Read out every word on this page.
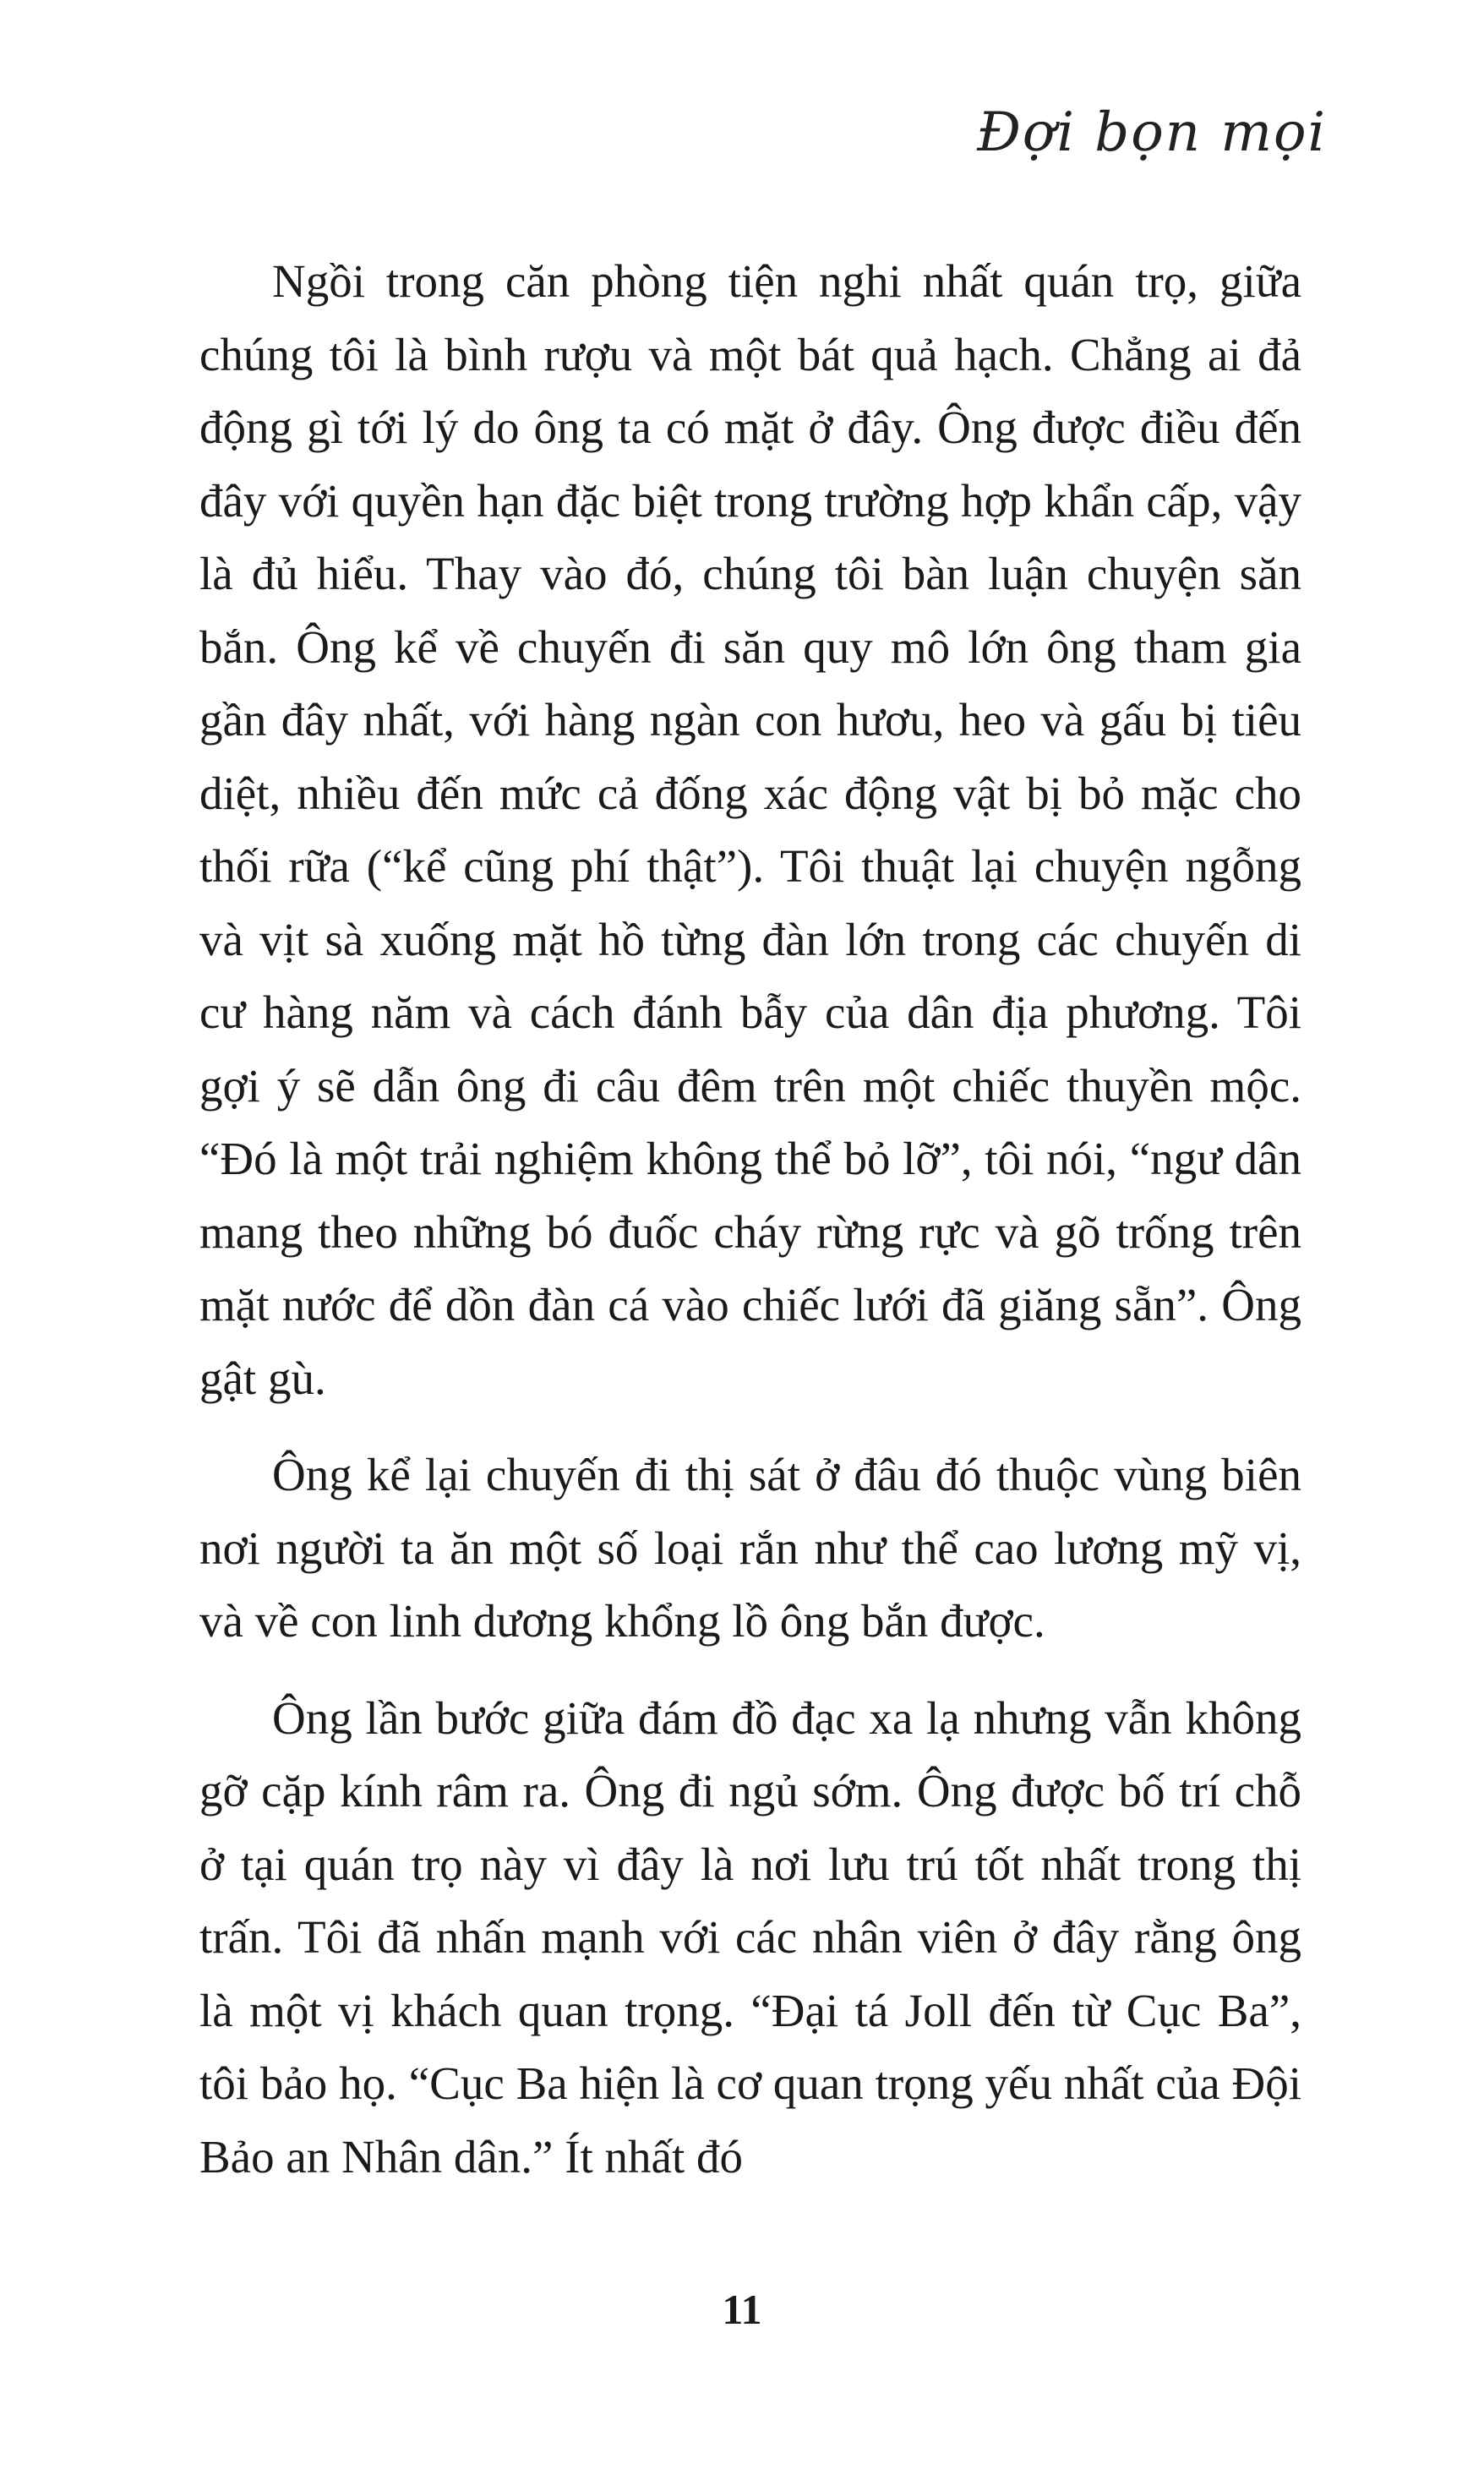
Đợi bọn mọi

Ngồi trong căn phòng tiện nghi nhất quán trọ, giữa chúng tôi là bình rượu và một bát quả hạch. Chẳng ai đả động gì tới lý do ông ta có mặt ở đây. Ông được điều đến đây với quyền hạn đặc biệt trong trường hợp khẩn cấp, vậy là đủ hiểu. Thay vào đó, chúng tôi bàn luận chuyện săn bắn. Ông kể về chuyến đi săn quy mô lớn ông tham gia gần đây nhất, với hàng ngàn con hươu, heo và gấu bị tiêu diệt, nhiều đến mức cả đống xác động vật bị bỏ mặc cho thối rữa (“kể cũng phí thật”). Tôi thuật lại chuyện ngỗng và vịt sà xuống mặt hồ từng đàn lớn trong các chuyến di cư hàng năm và cách đánh bẫy của dân địa phương. Tôi gợi ý sẽ dẫn ông đi câu đêm trên một chiếc thuyền mộc. “Đó là một trải nghiệm không thể bỏ lỡ”, tôi nói, “ngư dân mang theo những bó đuốc cháy rừng rực và gõ trống trên mặt nước để dồn đàn cá vào chiếc lưới đã giăng sẵn”. Ông gật gù.

Ông kể lại chuyến đi thị sát ở đâu đó thuộc vùng biên nơi người ta ăn một số loại rắn như thể cao lương mỹ vị, và về con linh dương khổng lồ ông bắn được.

Ông lần bước giữa đám đồ đạc xa lạ nhưng vẫn không gỡ cặp kính râm ra. Ông đi ngủ sớm. Ông được bố trí chỗ ở tại quán trọ này vì đây là nơi lưu trú tốt nhất trong thị trấn. Tôi đã nhấn mạnh với các nhân viên ở đây rằng ông là một vị khách quan trọng. “Đại tá Joll đến từ Cục Ba”, tôi bảo họ. “Cục Ba hiện là cơ quan trọng yếu nhất của Đội Bảo an Nhân dân.” Ít nhất đó

11
